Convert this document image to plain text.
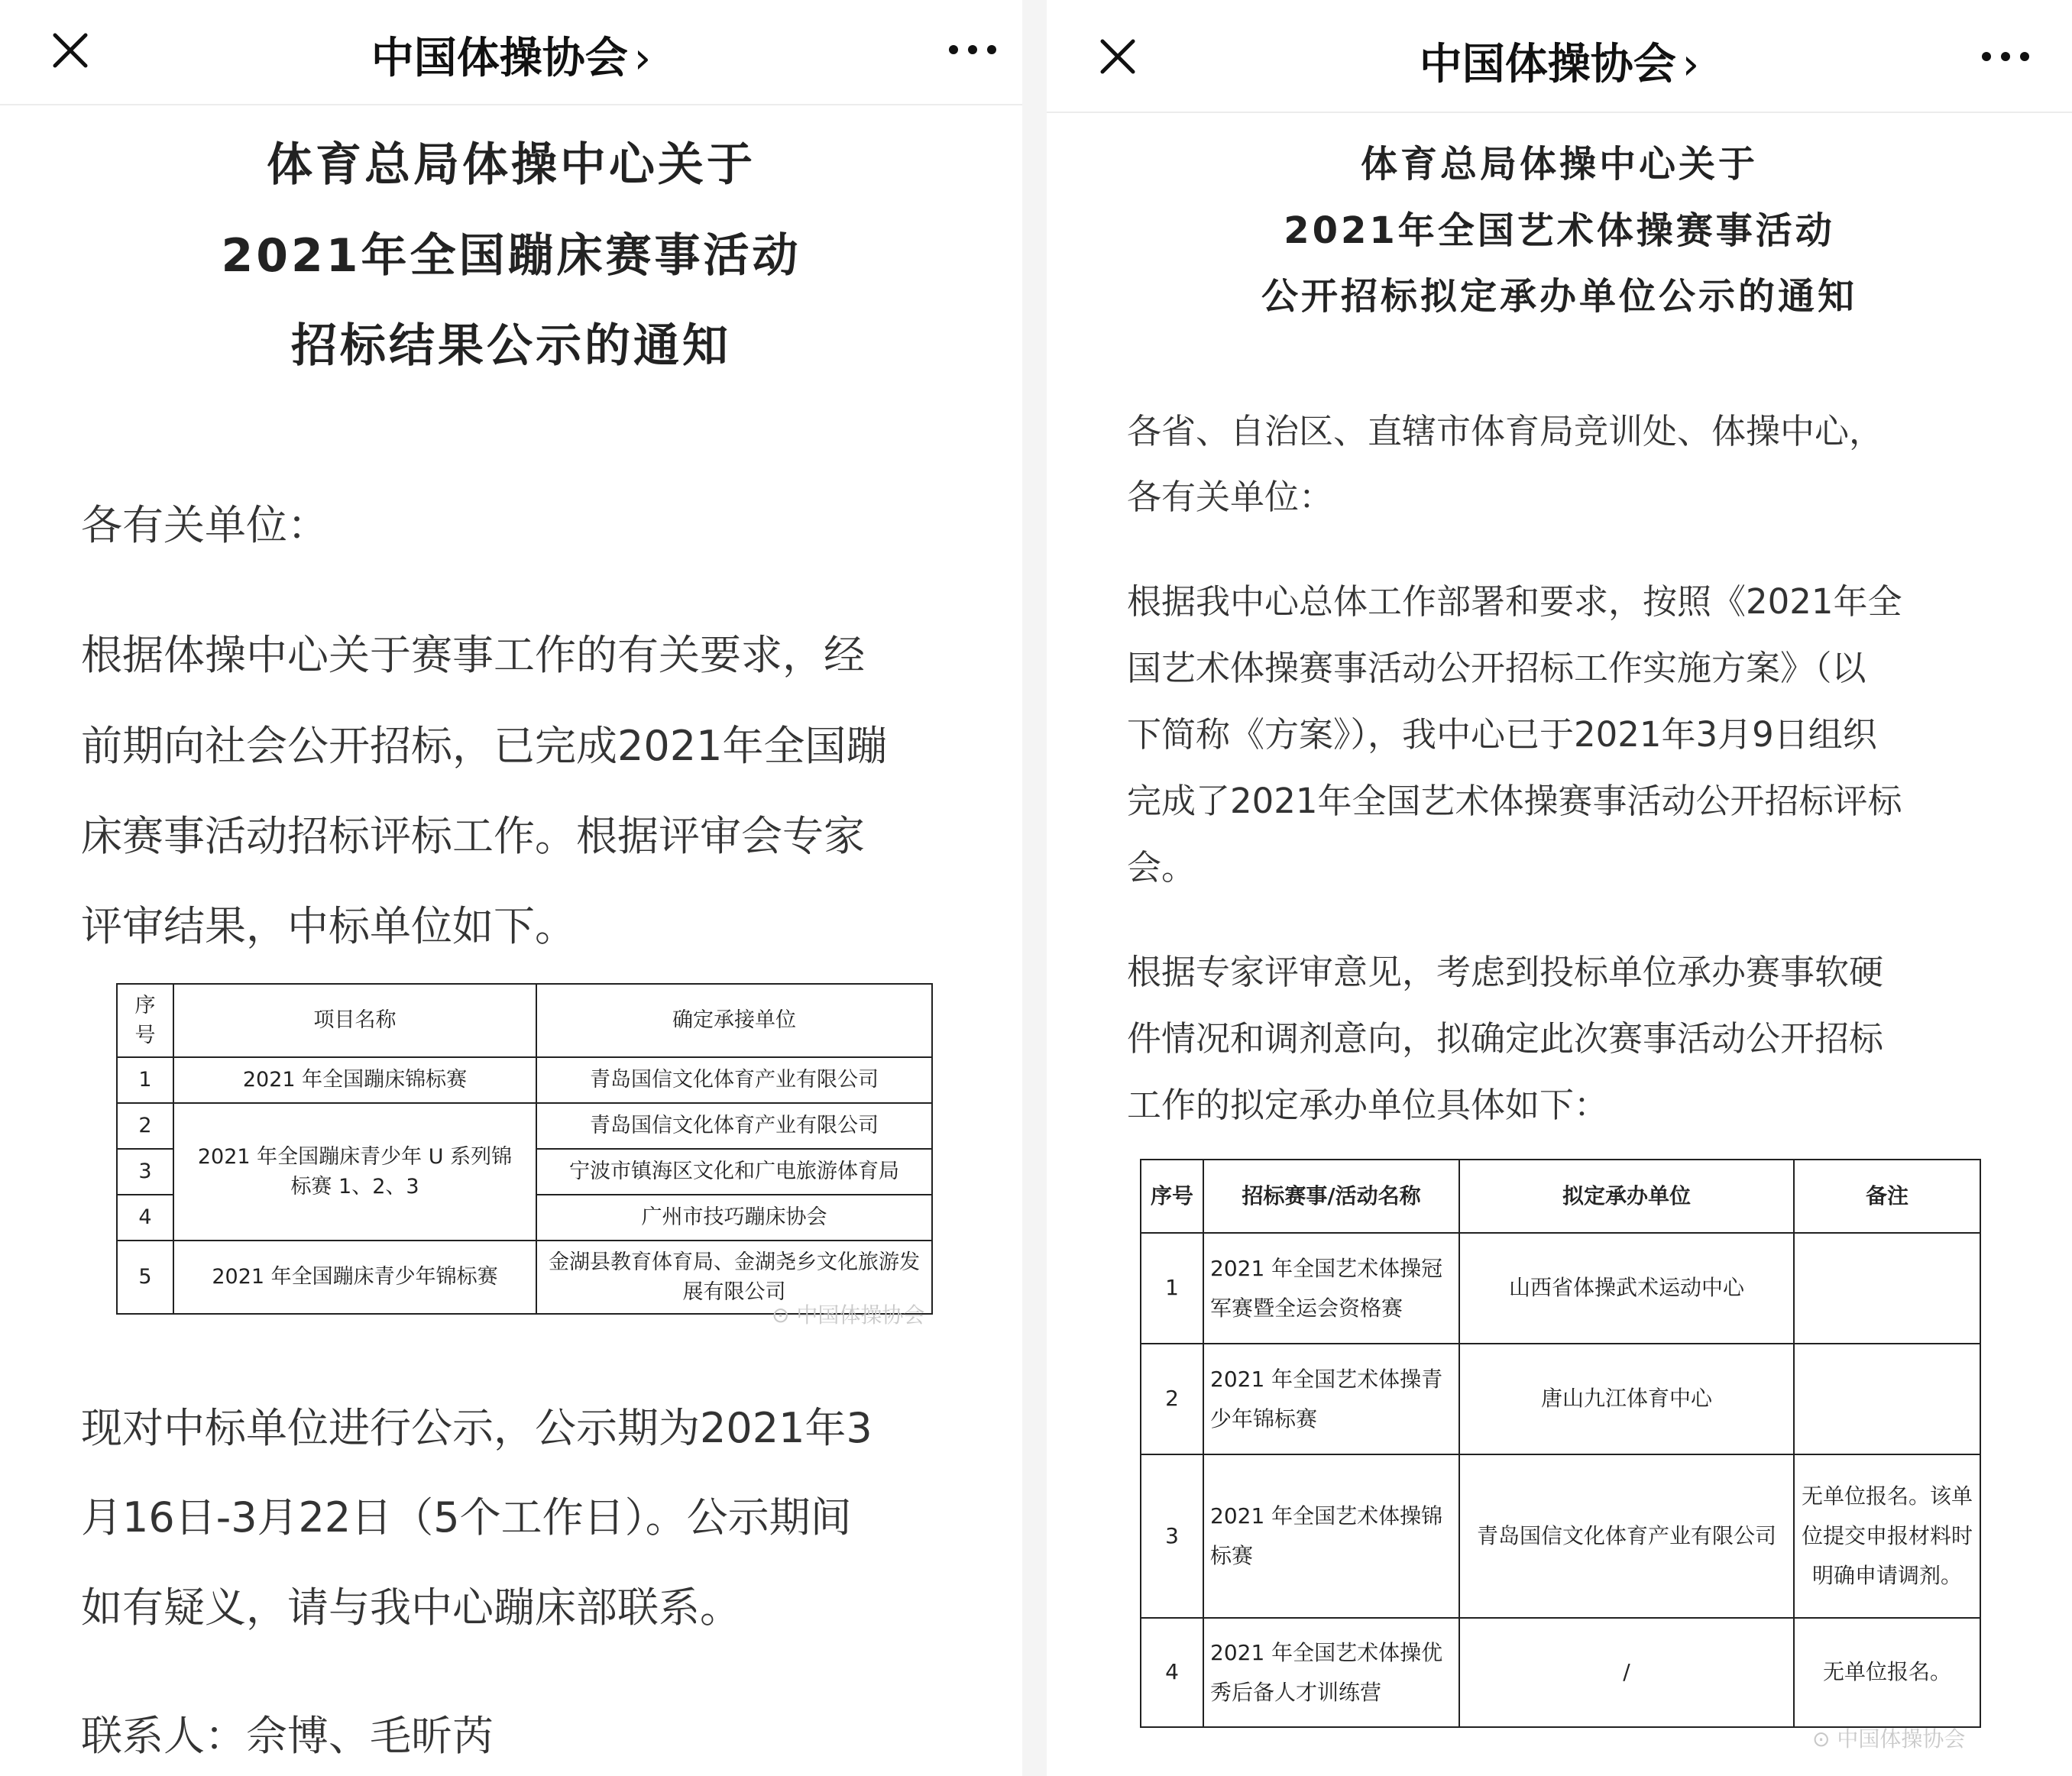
中国体操协会 ›
体育总局体操中心关于
2021年全国蹦床赛事活动
招标结果公示的通知
各有关单位：
根据体操中心关于赛事工作的有关要求，经
前期向社会公开招标，已完成2021年全国蹦
床赛事活动招标评标工作。根据评审会专家
评审结果，中标单位如下。
序号	项目名称	确定承接单位
1	2021 年全国蹦床锦标赛	青岛国信文化体育产业有限公司
2	2021 年全国蹦床青少年 U 系列锦标赛 1、2、3	青岛国信文化体育产业有限公司
3		宁波市镇海区文化和广电旅游体育局
4		广州市技巧蹦床协会
5	2021 年全国蹦床青少年锦标赛	金湖县教育体育局、金湖尧乡文化旅游发展有限公司
⊙ 中国体操协会
现对中标单位进行公示，公示期为2021年3
月16日-3月22日（5个工作日）。公示期间
如有疑义，请与我中心蹦床部联系。
联系人：佘博、毛昕芮
中国体操协会 ›
体育总局体操中心关于
2021年全国艺术体操赛事活动
公开招标拟定承办单位公示的通知
各省、自治区、直辖市体育局竞训处、体操中心，
各有关单位：
根据我中心总体工作部署和要求，按照《2021年全
国艺术体操赛事活动公开招标工作实施方案》（以
下简称《方案》），我中心已于2021年3月9日组织
完成了2021年全国艺术体操赛事活动公开招标评标
会。
根据专家评审意见，考虑到投标单位承办赛事软硬
件情况和调剂意向，拟确定此次赛事活动公开招标
工作的拟定承办单位具体如下：
序号	招标赛事/活动名称	拟定承办单位	备注
1	2021 年全国艺术体操冠军赛暨全运会资格赛	山西省体操武术运动中心	
2	2021 年全国艺术体操青少年锦标赛	唐山九江体育中心	
3	2021 年全国艺术体操锦标赛	青岛国信文化体育产业有限公司	无单位报名。该单位提交申报材料时明确申请调剂。
4	2021 年全国艺术体操优秀后备人才训练营	/	无单位报名。
⊙ 中国体操协会
